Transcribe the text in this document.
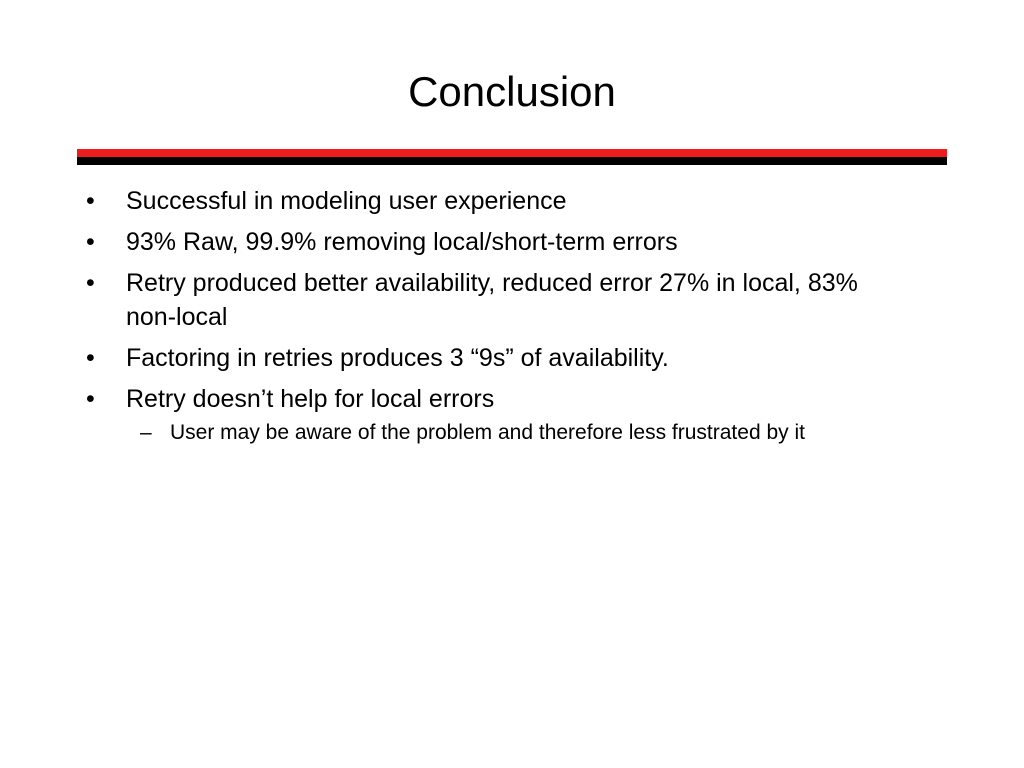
Conclusion
•	Successful in modeling user experience
•	93% Raw, 99.9% removing local/short-term errors
•	Retry produced better availability, reduced error 27% in local, 83% non-local
•	Factoring in retries produces 3 “9s” of availability.
•	Retry doesn’t help for local errors
– User may be aware of the problem and therefore less frustrated by it
